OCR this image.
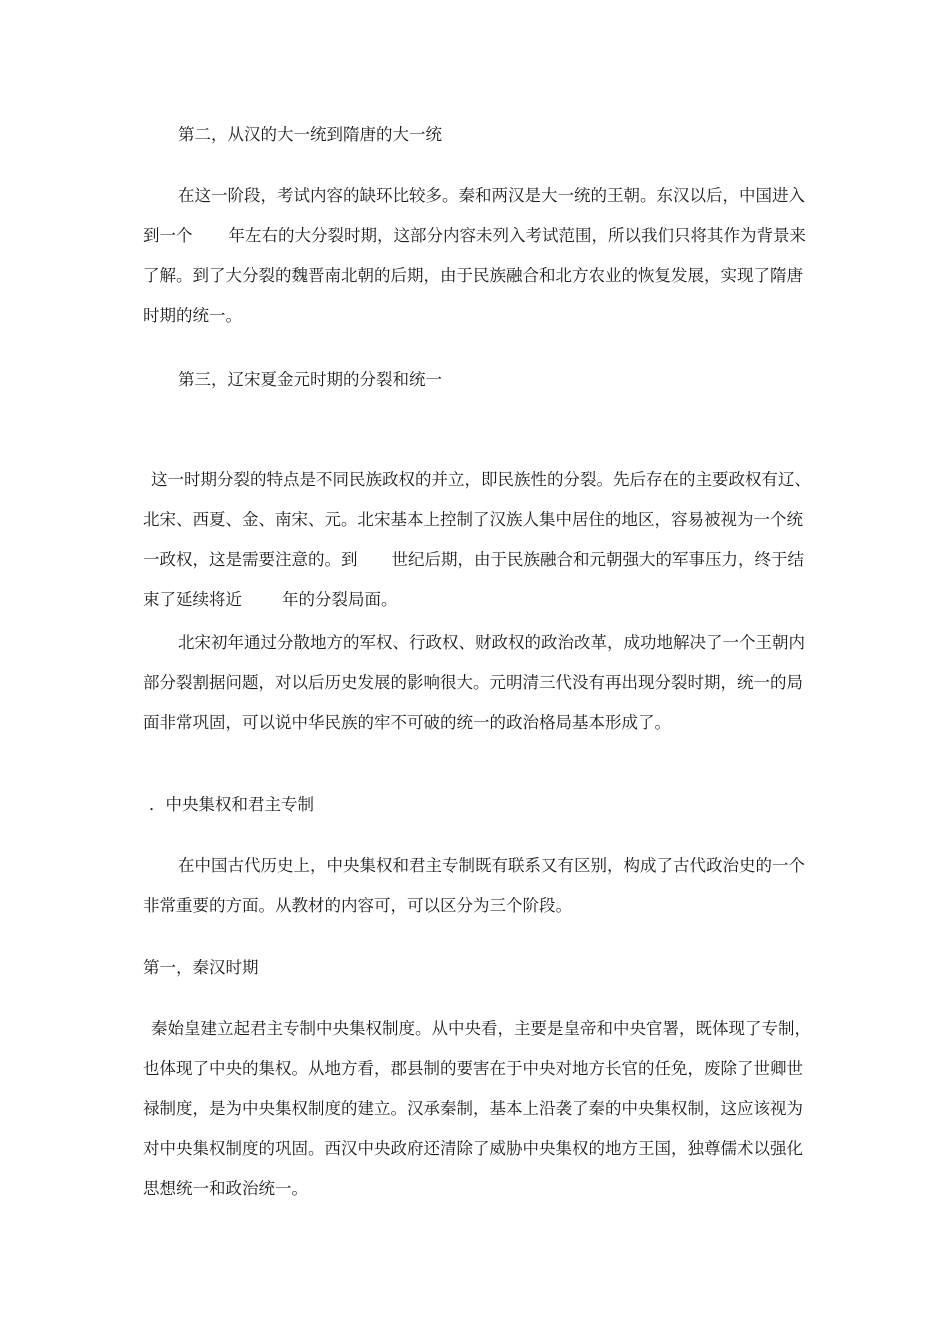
第二，从汉的大一统到隋唐的大一统

在这一阶段，考试内容的缺环比较多。秦和两汉是大一统的王朝。东汉以后，中国进入
到一个 年左右的大分裂时期，这部分内容未列入考试范围，所以我们只将其作为背景来
了解。到了大分裂的魏晋南北朝的后期，由于民族融合和北方农业的恢复发展，实现了隋唐
时期的统一。

第三，辽宋夏金元时期的分裂和统一

这一时期分裂的特点是不同民族政权的并立，即民族性的分裂。先后存在的主要政权有辽、
北宋、西夏、金、南宋、元。北宋基本上控制了汉族人集中居住的地区，容易被视为一个统
一政权，这是需要注意的。到 世纪后期，由于民族融合和元朝强大的军事压力，终于结
束了延续将近 年的分裂局面。
北宋初年通过分散地方的军权、行政权、财政权的政治改革，成功地解决了一个王朝内
部分裂割据问题，对以后历史发展的影响很大。元明清三代没有再出现分裂时期，统一的局
面非常巩固，可以说中华民族的牢不可破的统一的政治格局基本形成了。

．中央集权和君主专制

在中国古代历史上，中央集权和君主专制既有联系又有区别，构成了古代政治史的一个
非常重要的方面。从教材的内容可，可以区分为三个阶段。

第一，秦汉时期

秦始皇建立起君主专制中央集权制度。从中央看，主要是皇帝和中央官署，既体现了专制，
也体现了中央的集权。从地方看，郡县制的要害在于中央对地方长官的任免，废除了世卿世
禄制度，是为中央集权制度的建立。汉承秦制，基本上沿袭了秦的中央集权制，这应该视为
对中央集权制度的巩固。西汉中央政府还清除了威胁中央集权的地方王国，独尊儒术以强化
思想统一和政治统一。
